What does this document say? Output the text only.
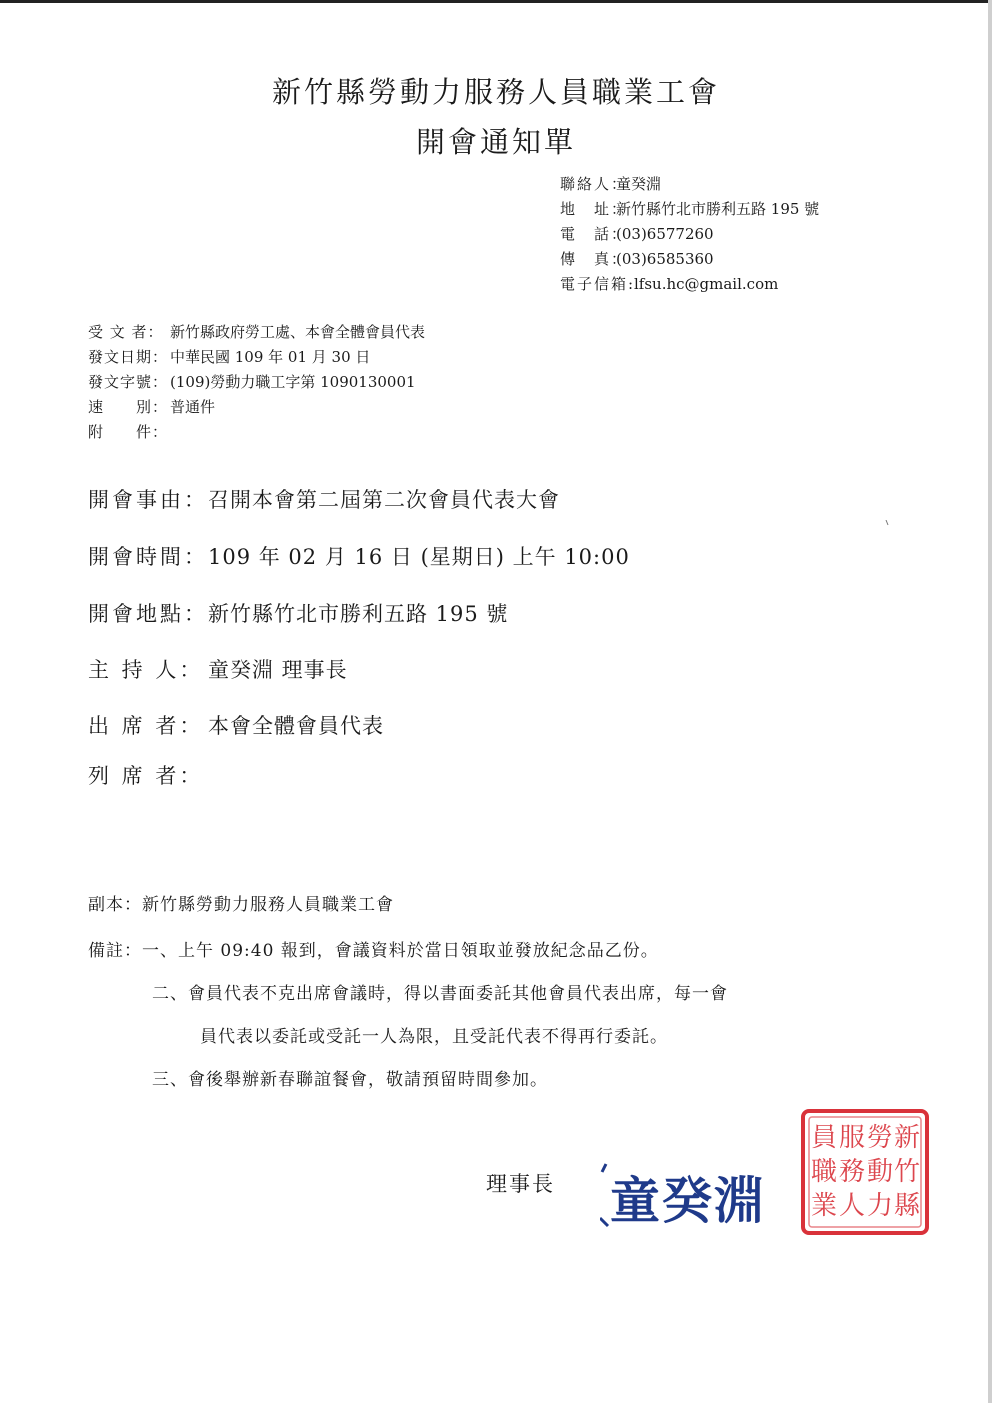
新竹縣勞動力服務人員職業工會
開會通知單
聯絡人：童癸淵
地　址：新竹縣竹北市勝利五路 195 號
電　話：(03)6577260
傳　真：(03)6585360
電子信箱:lfsu.hc@gmail.com
受 文 者： 新竹縣政府勞工處、本會全體會員代表
發文日期： 中華民國 109 年 01 月 30 日
發文字號： (109)勞動力職工字第 1090130001
速　　別： 普通件
附　　件：
開會事由：召開本會第二屆第二次會員代表大會
開會時間：109 年 02 月 16 日 (星期日) 上午 10:00
開會地點：新竹縣竹北市勝利五路 195 號
主 持 人： 童癸淵 理事長
出 席 者： 本會全體會員代表
列 席 者：
副本：新竹縣勞動力服務人員職業工會
備註：一、上午 09:40 報到，會議資料於當日領取並發放紀念品乙份。
二、會員代表不克出席會議時，得以書面委託其他會員代表出席，每一會
員代表以委託或受託一人為限，且受託代表不得再行委託。
三、會後舉辦新春聯誼餐會，敬請預留時間參加。
理事長 童癸淵
新
竹
縣
勞
動
力
服
務
人
員
職
業
